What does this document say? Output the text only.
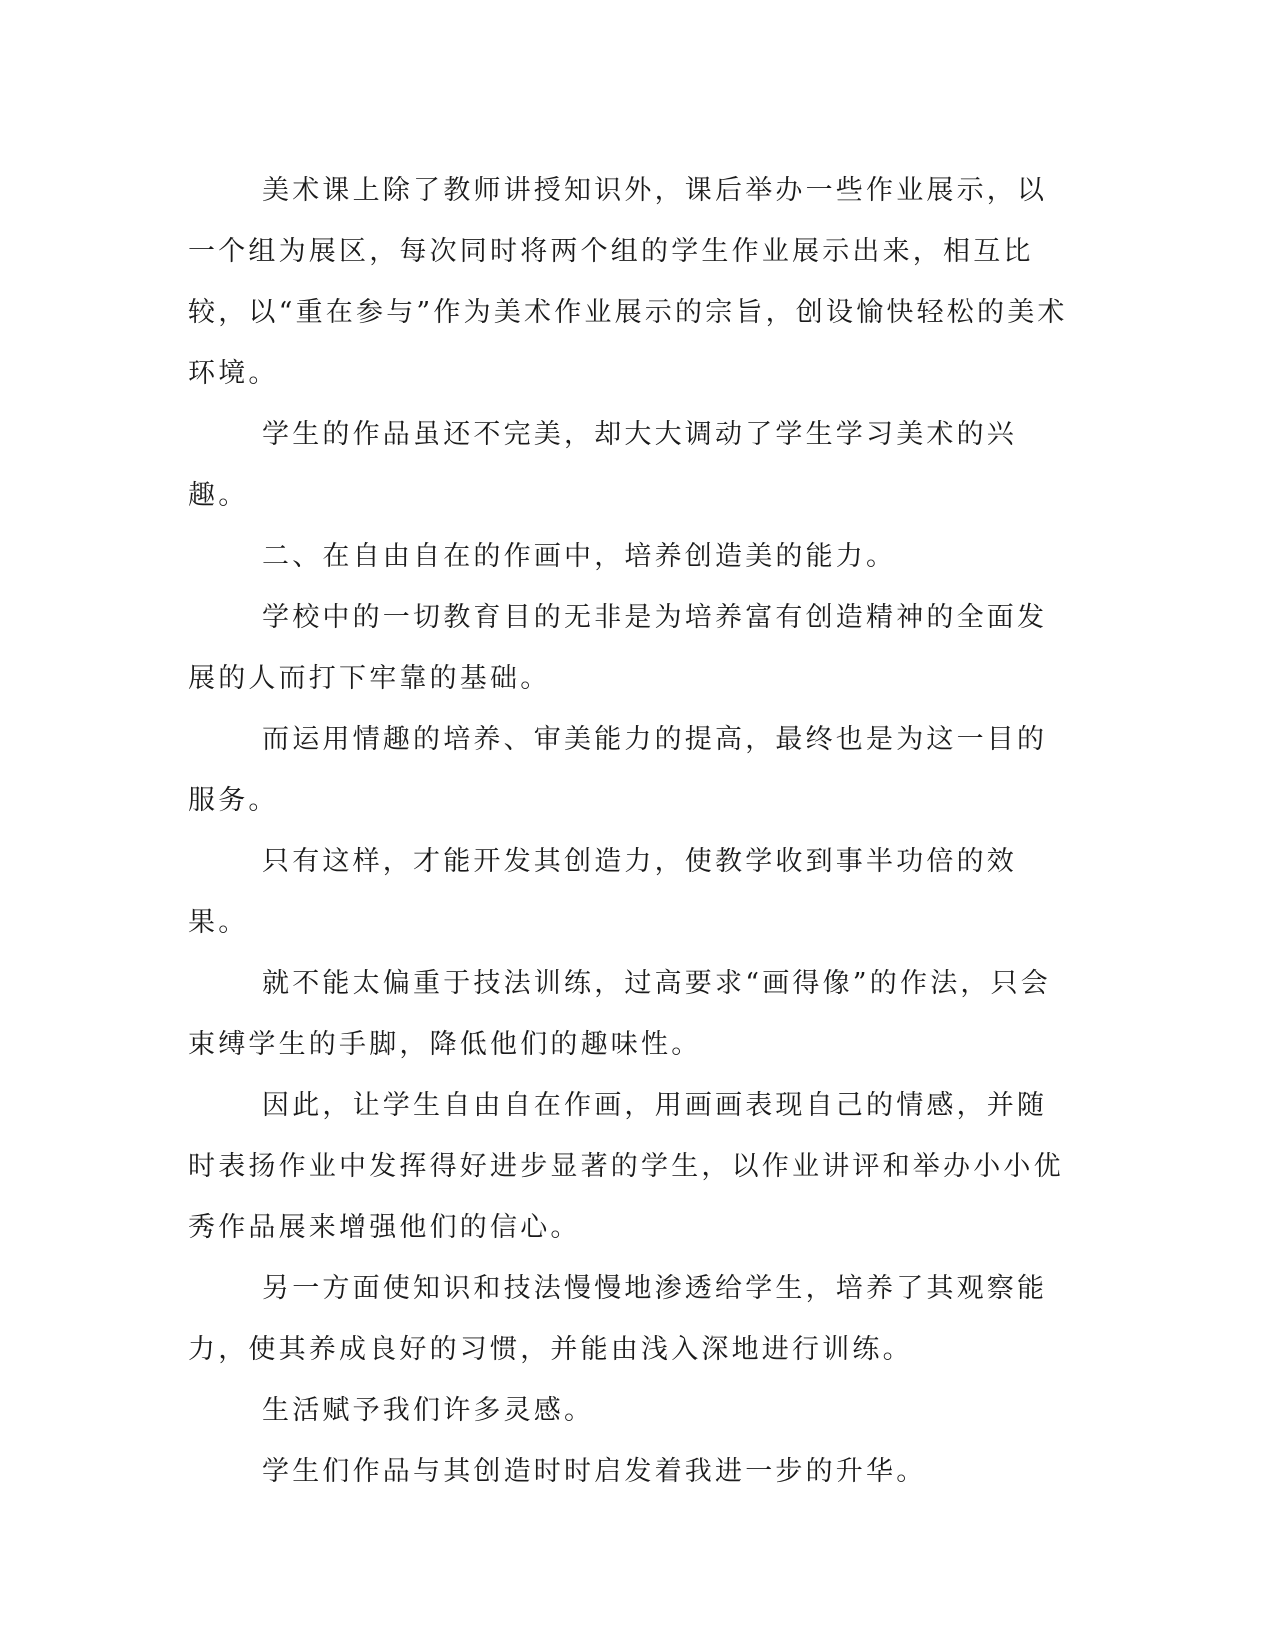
美术课上除了教师讲授知识外，课后举办一些作业展示，以一个组为展区，每次同时将两个组的学生作业展示出来，相互比较，以“重在参与”作为美术作业展示的宗旨，创设愉快轻松的美术环境。

学生的作品虽还不完美，却大大调动了学生学习美术的兴趣。

二、在自由自在的作画中，培养创造美的能力。

学校中的一切教育目的无非是为培养富有创造精神的全面发展的人而打下牢靠的基础。

而运用情趣的培养、审美能力的提高，最终也是为这一目的服务。

只有这样，才能开发其创造力，使教学收到事半功倍的效果。

就不能太偏重于技法训练，过高要求“画得像”的作法，只会束缚学生的手脚，降低他们的趣味性。

因此，让学生自由自在作画，用画画表现自己的情感，并随时表扬作业中发挥得好进步显著的学生，以作业讲评和举办小小优秀作品展来增强他们的信心。

另一方面使知识和技法慢慢地渗透给学生，培养了其观察能力，使其养成良好的习惯，并能由浅入深地进行训练。

生活赋予我们许多灵感。

学生们作品与其创造时时启发着我进一步的升华。
